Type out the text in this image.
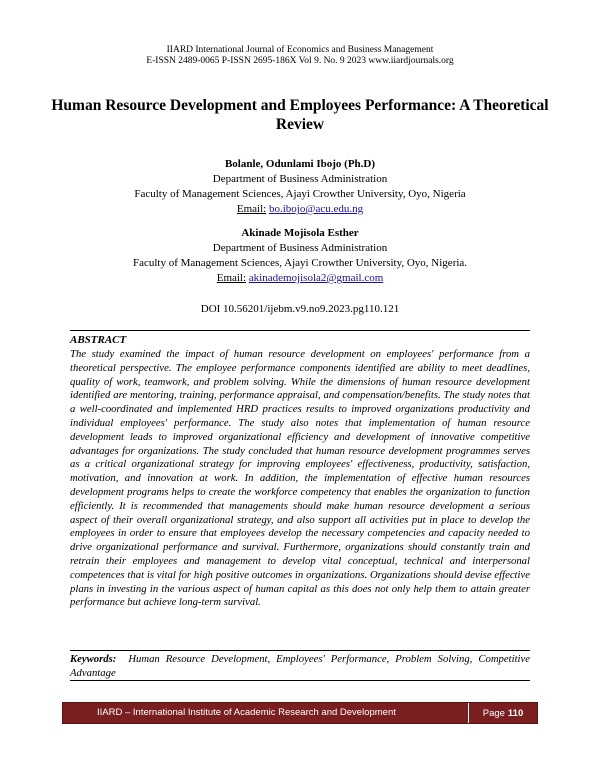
IIARD International Journal of Economics and Business Management
E-ISSN 2489-0065 P-ISSN 2695-186X Vol 9. No. 9 2023 www.iiardjournals.org
Human Resource Development and Employees Performance: A Theoretical Review
Bolanle, Odunlami Ibojo (Ph.D)
Department of Business Administration
Faculty of Management Sciences, Ajayi Crowther University, Oyo, Nigeria
Email: bo.ibojo@acu.edu.ng
Akinade Mojisola Esther
Department of Business Administration
Faculty of Management Sciences, Ajayi Crowther University, Oyo, Nigeria.
Email: akinademojisola2@gmail.com
DOI 10.56201/ijebm.v9.no9.2023.pg110.121
ABSTRACT

The study examined the impact of human resource development on employees' performance from a theoretical perspective. The employee performance components identified are ability to meet deadlines, quality of work, teamwork, and problem solving. While the dimensions of human resource development identified are mentoring, training, performance appraisal, and compensation/benefits. The study notes that a well-coordinated and implemented HRD practices results to improved organizations productivity and individual employees' performance. The study also notes that implementation of human resource development leads to improved organizational efficiency and development of innovative competitive advantages for organizations. The study concluded that human resource development programmes serves as a critical organizational strategy for improving employees' effectiveness, productivity, satisfaction, motivation, and innovation at work. In addition, the implementation of effective human resources development programs helps to create the workforce competency that enables the organization to function efficiently. It is recommended that managements should make human resource development a serious aspect of their overall organizational strategy, and also support all activities put in place to develop the employees in order to ensure that employees develop the necessary competencies and capacity needed to drive organizational performance and survival. Furthermore, organizations should constantly train and retrain their employees and management to develop vital conceptual, technical and interpersonal competences that is vital for high positive outcomes in organizations. Organizations should devise effective plans in investing in the various aspect of human capital as this does not only help them to attain greater performance but achieve long-term survival.

Keywords: Human Resource Development, Employees' Performance, Problem Solving, Competitive Advantage
IIARD – International Institute of Academic Research and Development	Page 110
